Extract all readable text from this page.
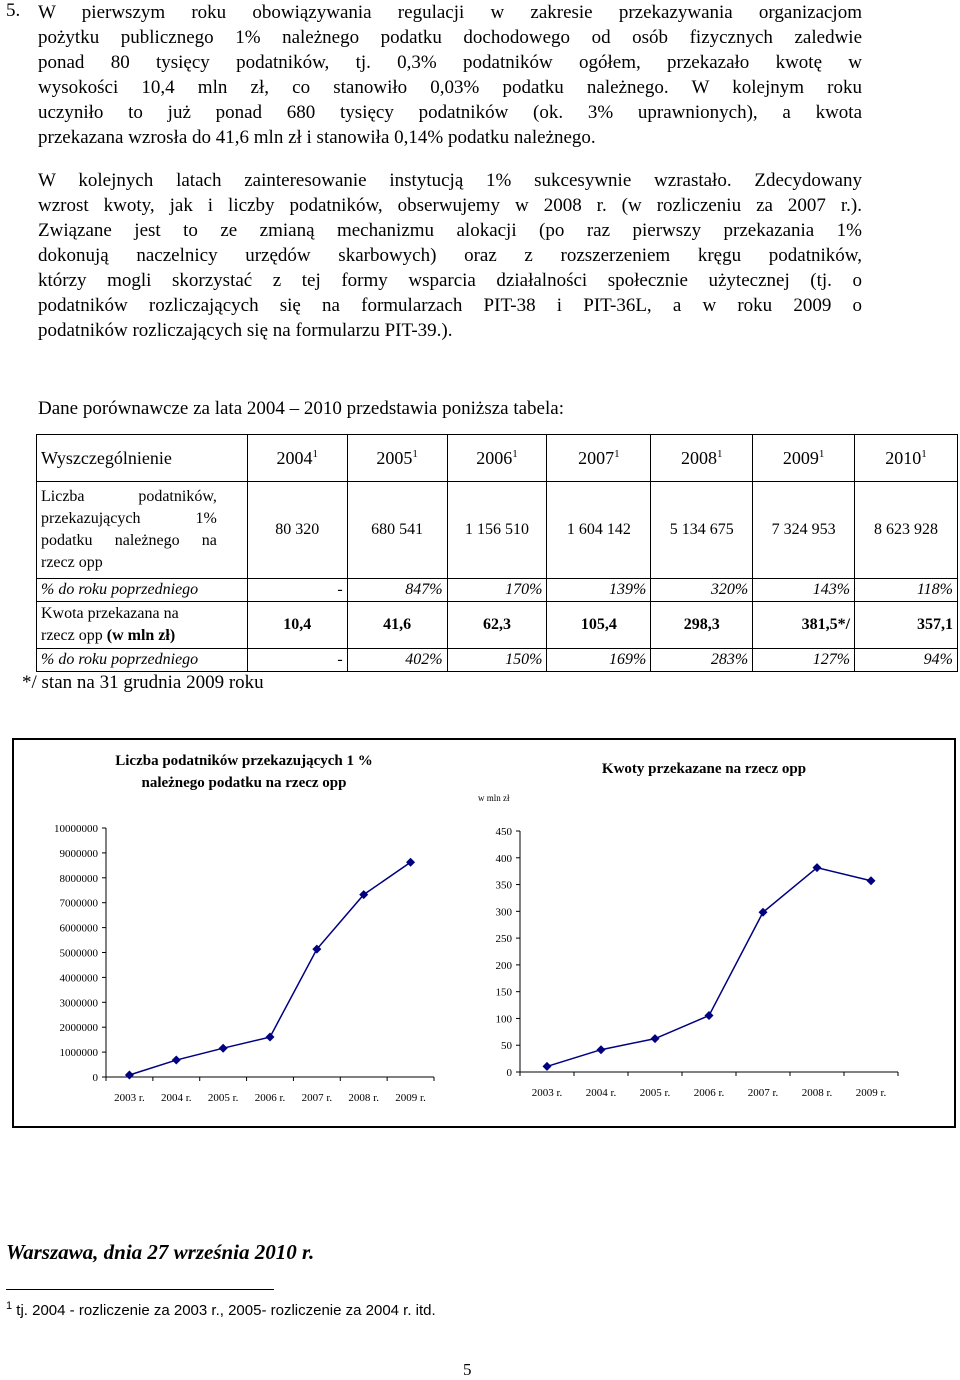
5. W pierwszym roku obowiązywania regulacji w zakresie przekazywania organizacjom
pożytku publicznego 1% należnego podatku dochodowego od osób fizycznych zaledwie
ponad 80 tysięcy podatników, tj. 0,3% podatników ogółem, przekazało kwotę w
wysokości 10,4 mln zł, co stanowiło 0,03% podatku należnego. W kolejnym roku
uczyniło to już ponad 680 tysięcy podatników (ok. 3% uprawnionych), a kwota
przekazana wzrosła do 41,6 mln zł i stanowiła 0,14% podatku należnego.
W kolejnych latach zainteresowanie instytucją 1% sukcesywnie wzrastało. Zdecydowany
wzrost kwoty, jak i liczby podatników, obserwujemy w 2008 r. (w rozliczeniu za 2007 r.).
Związane jest to ze zmianą mechanizmu alokacji (po raz pierwszy przekazania 1%
dokonują naczelnicy urzędów skarbowych) oraz z rozszerzeniem kręgu podatników,
którzy mogli skorzystać z tej formy wsparcia działalności społecznie użytecznej (tj. o
podatników rozliczających się na formularzach PIT-38 i PIT-36L, a w roku 2009 o
podatników rozliczających się na formularzu PIT-39.).
Dane porównawcze za lata 2004 – 2010 przedstawia poniższa tabela:
Wyszczególnienie	2004$^1$	2005$^1$	2006$^1$	2007$^1$	2008$^1$	2009$^1$	2010$^1$
Liczba podatników, przekazujących 1% podatku należnego na rzecz opp	80 320	680 541	1 156 510	1 604 142	5 134 675	7 324 953	8 623 928
% do roku poprzedniego	-	847%	170%	139%	320%	143%	118%
Kwota przekazana na
rzecz opp (w mln zł)	10,4	41,6	62,3	105,4	298,3	381,5*/	357,1
% do roku poprzedniego	-	402%	150%	169%	283%	127%	94%
*/ stan na 31 grudnia 2009 roku
Liczba podatników przekazujących 1 % należnego podatku na rzecz opp
Kwoty przekazane na rzecz opp
w mln zł
0
1000000
2000000
3000000
4000000
5000000
6000000
7000000
8000000
9000000
10000000
2003 r. 2004 r. 2005 r. 2006 r. 2007 r. 2008 r. 2009 r.
0
50
100
150
200
250
300
350
400
450
2003 r. 2004 r. 2005 r. 2006 r. 2007 r. 2008 r. 2009 r.
Warszawa, dnia 27 września 2010 r.
$^1$ tj. 2004 - rozliczenie za 2003 r., 2005- rozliczenie za 2004 r. itd.
5
